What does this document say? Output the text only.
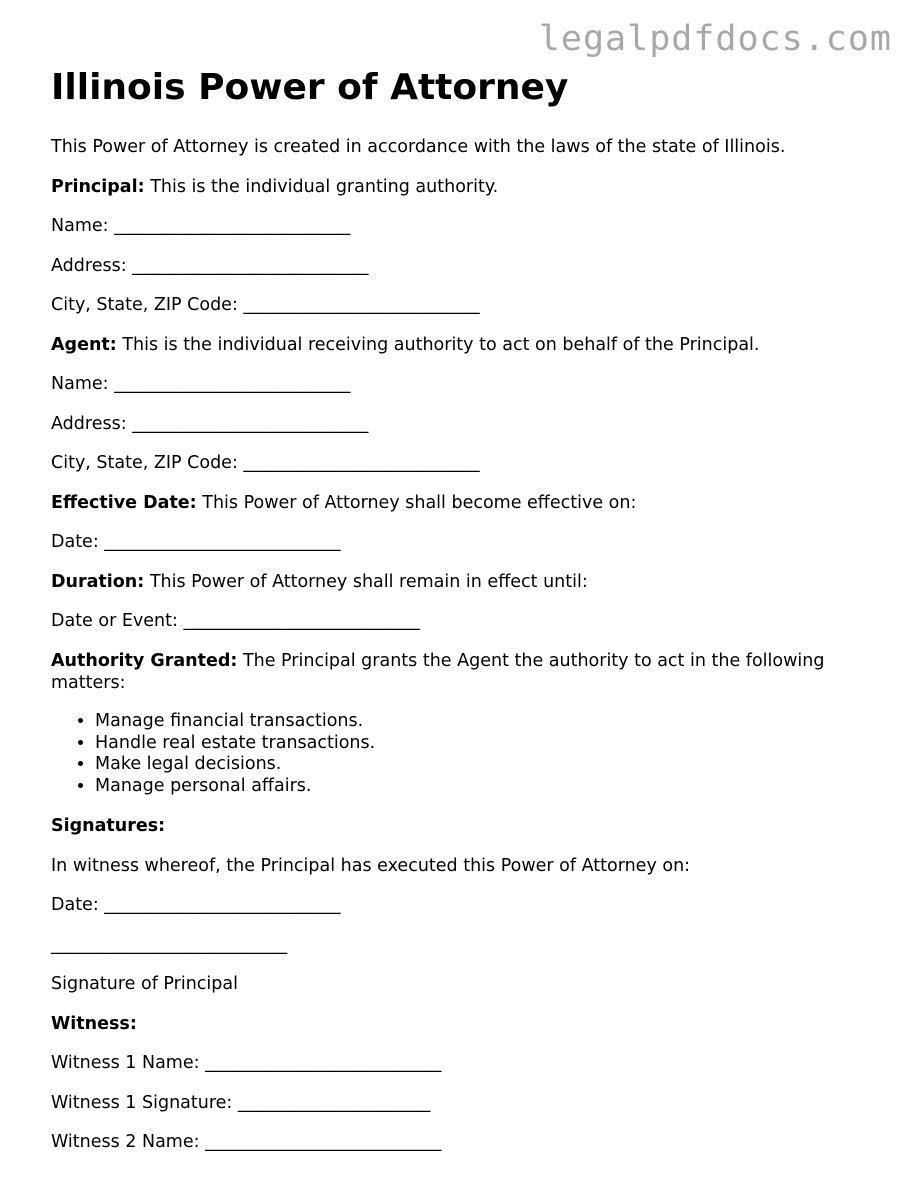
legalpdfdocs.com

Illinois Power of Attorney

This Power of Attorney is created in accordance with the laws of the state of Illinois.

Principal: This is the individual granting authority.

Name: ___________________________

Address: ___________________________

City, State, ZIP Code: ___________________________

Agent: This is the individual receiving authority to act on behalf of the Principal.

Name: ___________________________

Address: ___________________________

City, State, ZIP Code: ___________________________

Effective Date: This Power of Attorney shall become effective on:

Date: ___________________________

Duration: This Power of Attorney shall remain in effect until:

Date or Event: ___________________________

Authority Granted: The Principal grants the Agent the authority to act in the following matters:

• Manage financial transactions.
• Handle real estate transactions.
• Make legal decisions.
• Manage personal affairs.

Signatures:

In witness whereof, the Principal has executed this Power of Attorney on:

Date: ___________________________

___________________________

Signature of Principal

Witness:

Witness 1 Name: ___________________________

Witness 1 Signature: ______________________

Witness 2 Name: ___________________________
